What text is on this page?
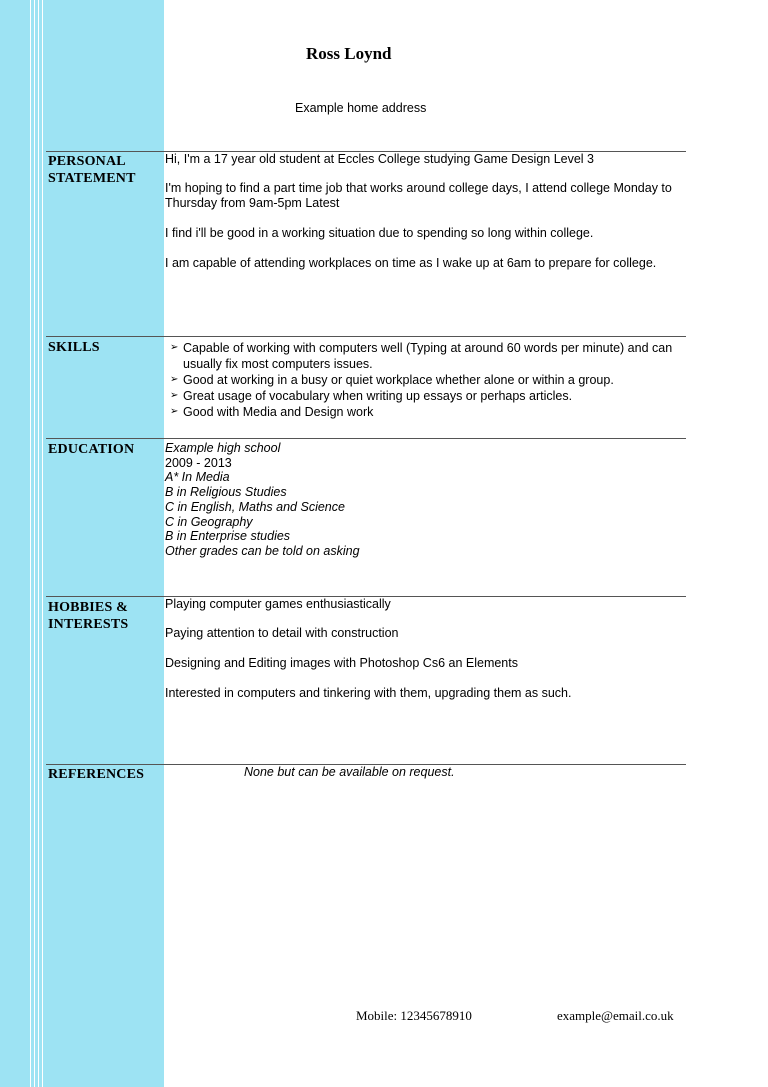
Ross Loynd
Example home address
PERSONAL
STATEMENT

Hi, I'm a 17 year old student at Eccles College studying Game Design Level 3

I'm hoping to find a part time job that works around college days, I attend college Monday to Thursday from 9am-5pm Latest

I find i'll be good in a working situation due to spending so long within college.

I am capable of attending workplaces on time as I wake up at 6am to prepare for college.

SKILLS	➢ Capable of working with computers well (Typing at around 60 words per minute) and can usually fix most computers issues.
➢ Good at working in a busy or quiet workplace whether alone or within a group.
➢ Great usage of vocabulary when writing up essays or perhaps articles.
➢ Good with Media and Design work
EDUCATION Example high school
2009 - 2013
A* In Media
B in Religious Studies
C in English, Maths and Science
C in Geography
B in Enterprise studies
Other grades can be told on asking
HOBBIES &
INTERESTS

Playing computer games enthusiastically

Paying attention to detail with construction

Designing and Editing images with Photoshop Cs6 an Elements

Interested in computers and tinkering with them, upgrading them as such.

REFERENCES	None but can be available on request.
Mobile: 12345678910	example@email.co.uk
